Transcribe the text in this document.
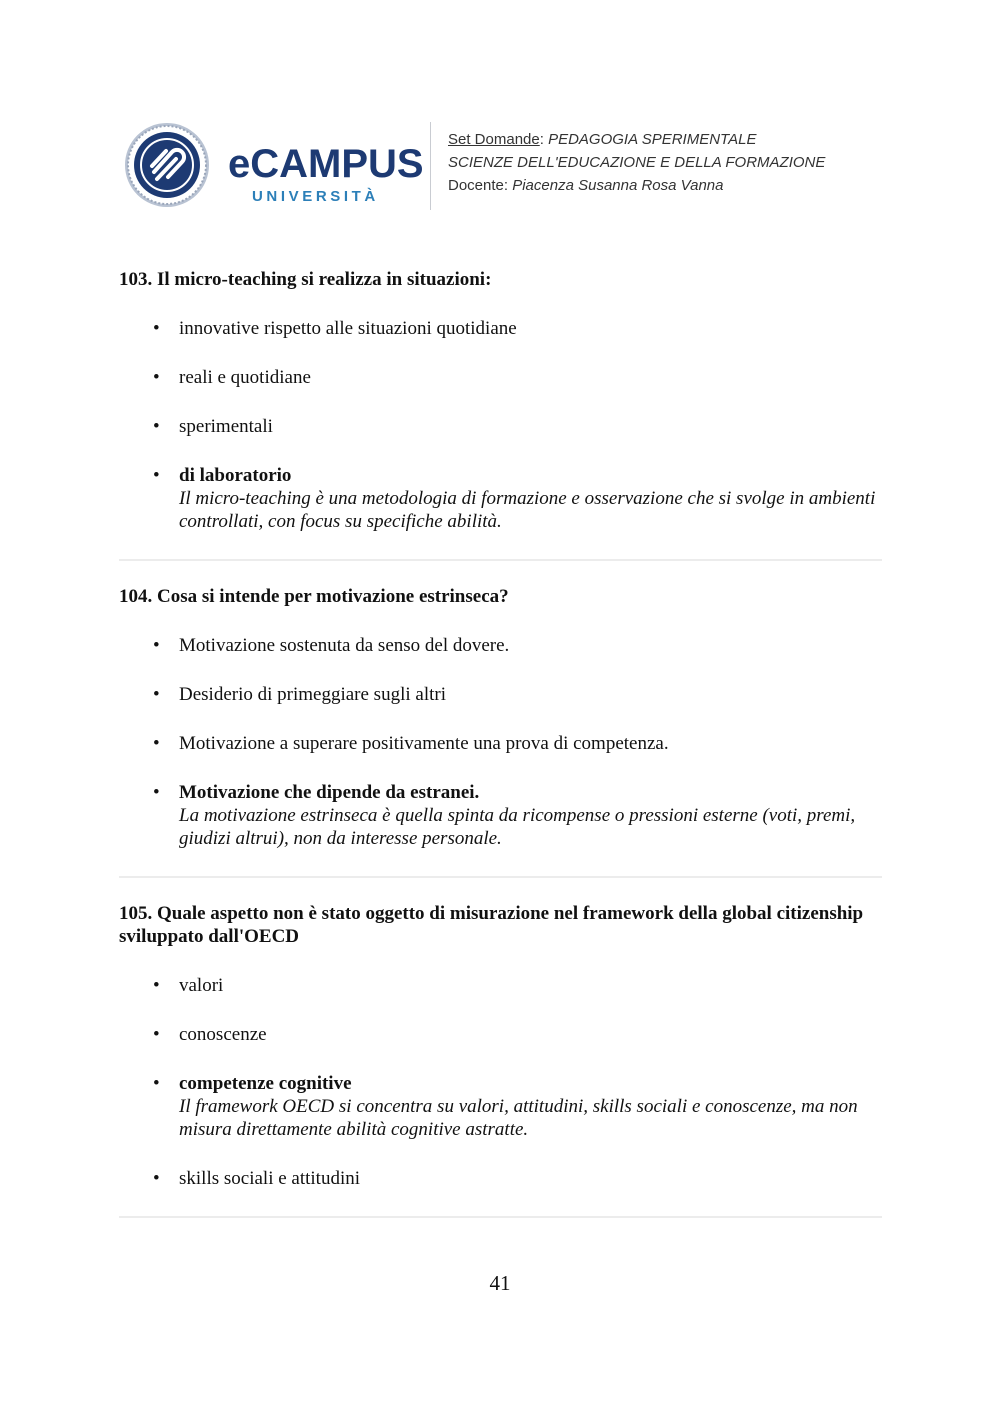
eCAMPUS
UNIVERSITÀ
Set Domande: PEDAGOGIA SPERIMENTALE
SCIENZE DELL'EDUCAZIONE E DELLA FORMAZIONE
Docente: Piacenza Susanna Rosa Vanna

103. Il micro-teaching si realizza in situazioni:

• innovative rispetto alle situazioni quotidiane
• reali e quotidiane
• sperimentali
• di laboratorio
Il micro-teaching è una metodologia di formazione e osservazione che si svolge in ambienti controllati, con focus su specifiche abilità.

104. Cosa si intende per motivazione estrinseca?

• Motivazione sostenuta da senso del dovere.
• Desiderio di primeggiare sugli altri
• Motivazione a superare positivamente una prova di competenza.
• Motivazione che dipende da estranei.
La motivazione estrinseca è quella spinta da ricompense o pressioni esterne (voti, premi, giudizi altrui), non da interesse personale.

105. Quale aspetto non è stato oggetto di misurazione nel framework della global citizenship sviluppato dall'OECD

• valori
• conoscenze
• competenze cognitive
Il framework OECD si concentra su valori, attitudini, skills sociali e conoscenze, ma non misura direttamente abilità cognitive astratte.
• skills sociali e attitudini
41
